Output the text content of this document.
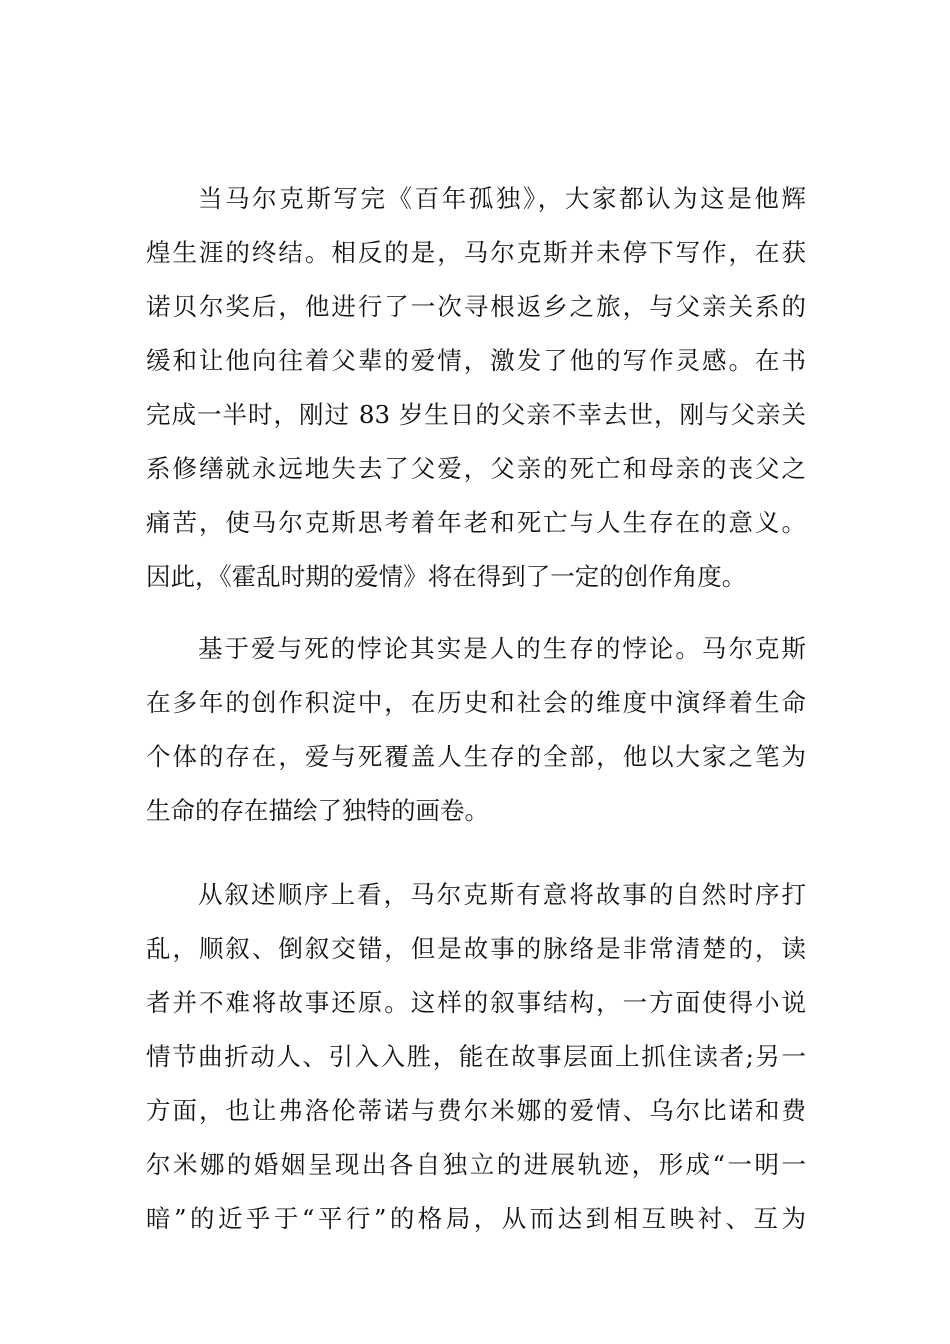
当马尔克斯写完《百年孤独》，大家都认为这是他辉
煌生涯的终结。相反的是，马尔克斯并未停下写作，在获
诺贝尔奖后，他进行了一次寻根返乡之旅，与父亲关系的
缓和让他向往着父辈的爱情，激发了他的写作灵感。在书
完成一半时，刚过 83 岁生日的父亲不幸去世，刚与父亲关
系修缮就永远地失去了父爱，父亲的死亡和母亲的丧父之
痛苦，使马尔克斯思考着年老和死亡与人生存在的意义。
因此，《霍乱时期的爱情》将在得到了一定的创作角度。
基于爱与死的悖论其实是人的生存的悖论。马尔克斯
在多年的创作积淀中，在历史和社会的维度中演绎着生命
个体的存在，爱与死覆盖人生存的全部，他以大家之笔为
生命的存在描绘了独特的画卷。
从叙述顺序上看，马尔克斯有意将故事的自然时序打
乱，顺叙、倒叙交错，但是故事的脉络是非常清楚的，读
者并不难将故事还原。这样的叙事结构，一方面使得小说
情节曲折动人、引入入胜，能在故事层面上抓住读者;另一
方面，也让弗洛伦蒂诺与费尔米娜的爱情、乌尔比诺和费
尔米娜的婚姻呈现出各自独立的进展轨迹，形成“一明一
暗”的近乎于“平行”的格局，从而达到相互映衬、互为
